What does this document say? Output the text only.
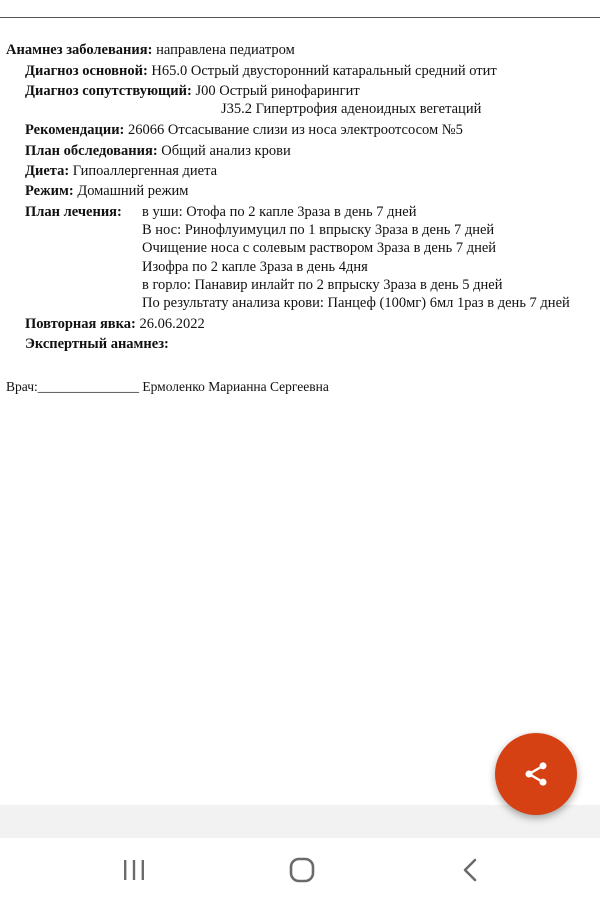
Анамнез заболевания: направлена педиатром
Диагноз основной: H65.0 Острый двусторонний катаральный средний отит
Диагноз сопутствующий: J00 Острый ринофарингит
J35.2 Гипертрофия аденоидных вегетаций
Рекомендации: 26066 Отсасывание слизи из носа электроотсосом №5
План обследования: Общий анализ крови
Диета: Гипоаллергенная диета
Режим: Домашний режим
План лечения: в уши: Отофа по 2 капле 3раза в день 7 дней
В нос: Ринофлуимуцил по 1 впрыску 3раза в день 7 дней
Очищение носа с солевым раствором 3раза в день 7 дней
Изофра по 2 капле 3раза в день 4дня
в горло: Панавир инлайт по 2 впрыску 3раза в день 5 дней
По результату анализа крови: Панцеф (100мг) 6мл 1раз в день 7 дней
Повторная явка: 26.06.2022
Экспертный анамнез:
Врач:_______________ Ермоленко Марианна Сергеевна
